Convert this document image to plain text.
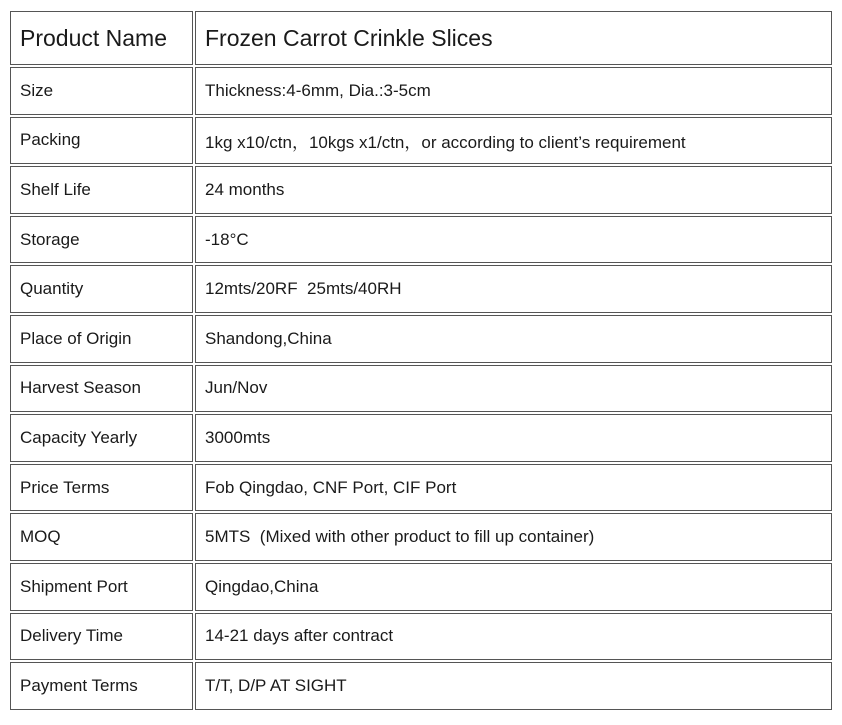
Product Name	Frozen Carrot Crinkle Slices
Size	Thickness:4-6mm, Dia.:3-5cm
Packing	1kg x10/ctn，10kgs x1/ctn，or according to client’s requirement
Shelf Life	24 months
Storage	-18°C
Quantity	12mts/20RF  25mts/40RH
Place of Origin	Shandong,China
Harvest Season	Jun/Nov
Capacity Yearly	3000mts
Price Terms	Fob Qingdao, CNF Port, CIF Port
MOQ	5MTS  (Mixed with other product to fill up container)
Shipment Port	Qingdao,China
Delivery Time	14-21 days after contract
Payment Terms	T/T, D/P AT SIGHT
